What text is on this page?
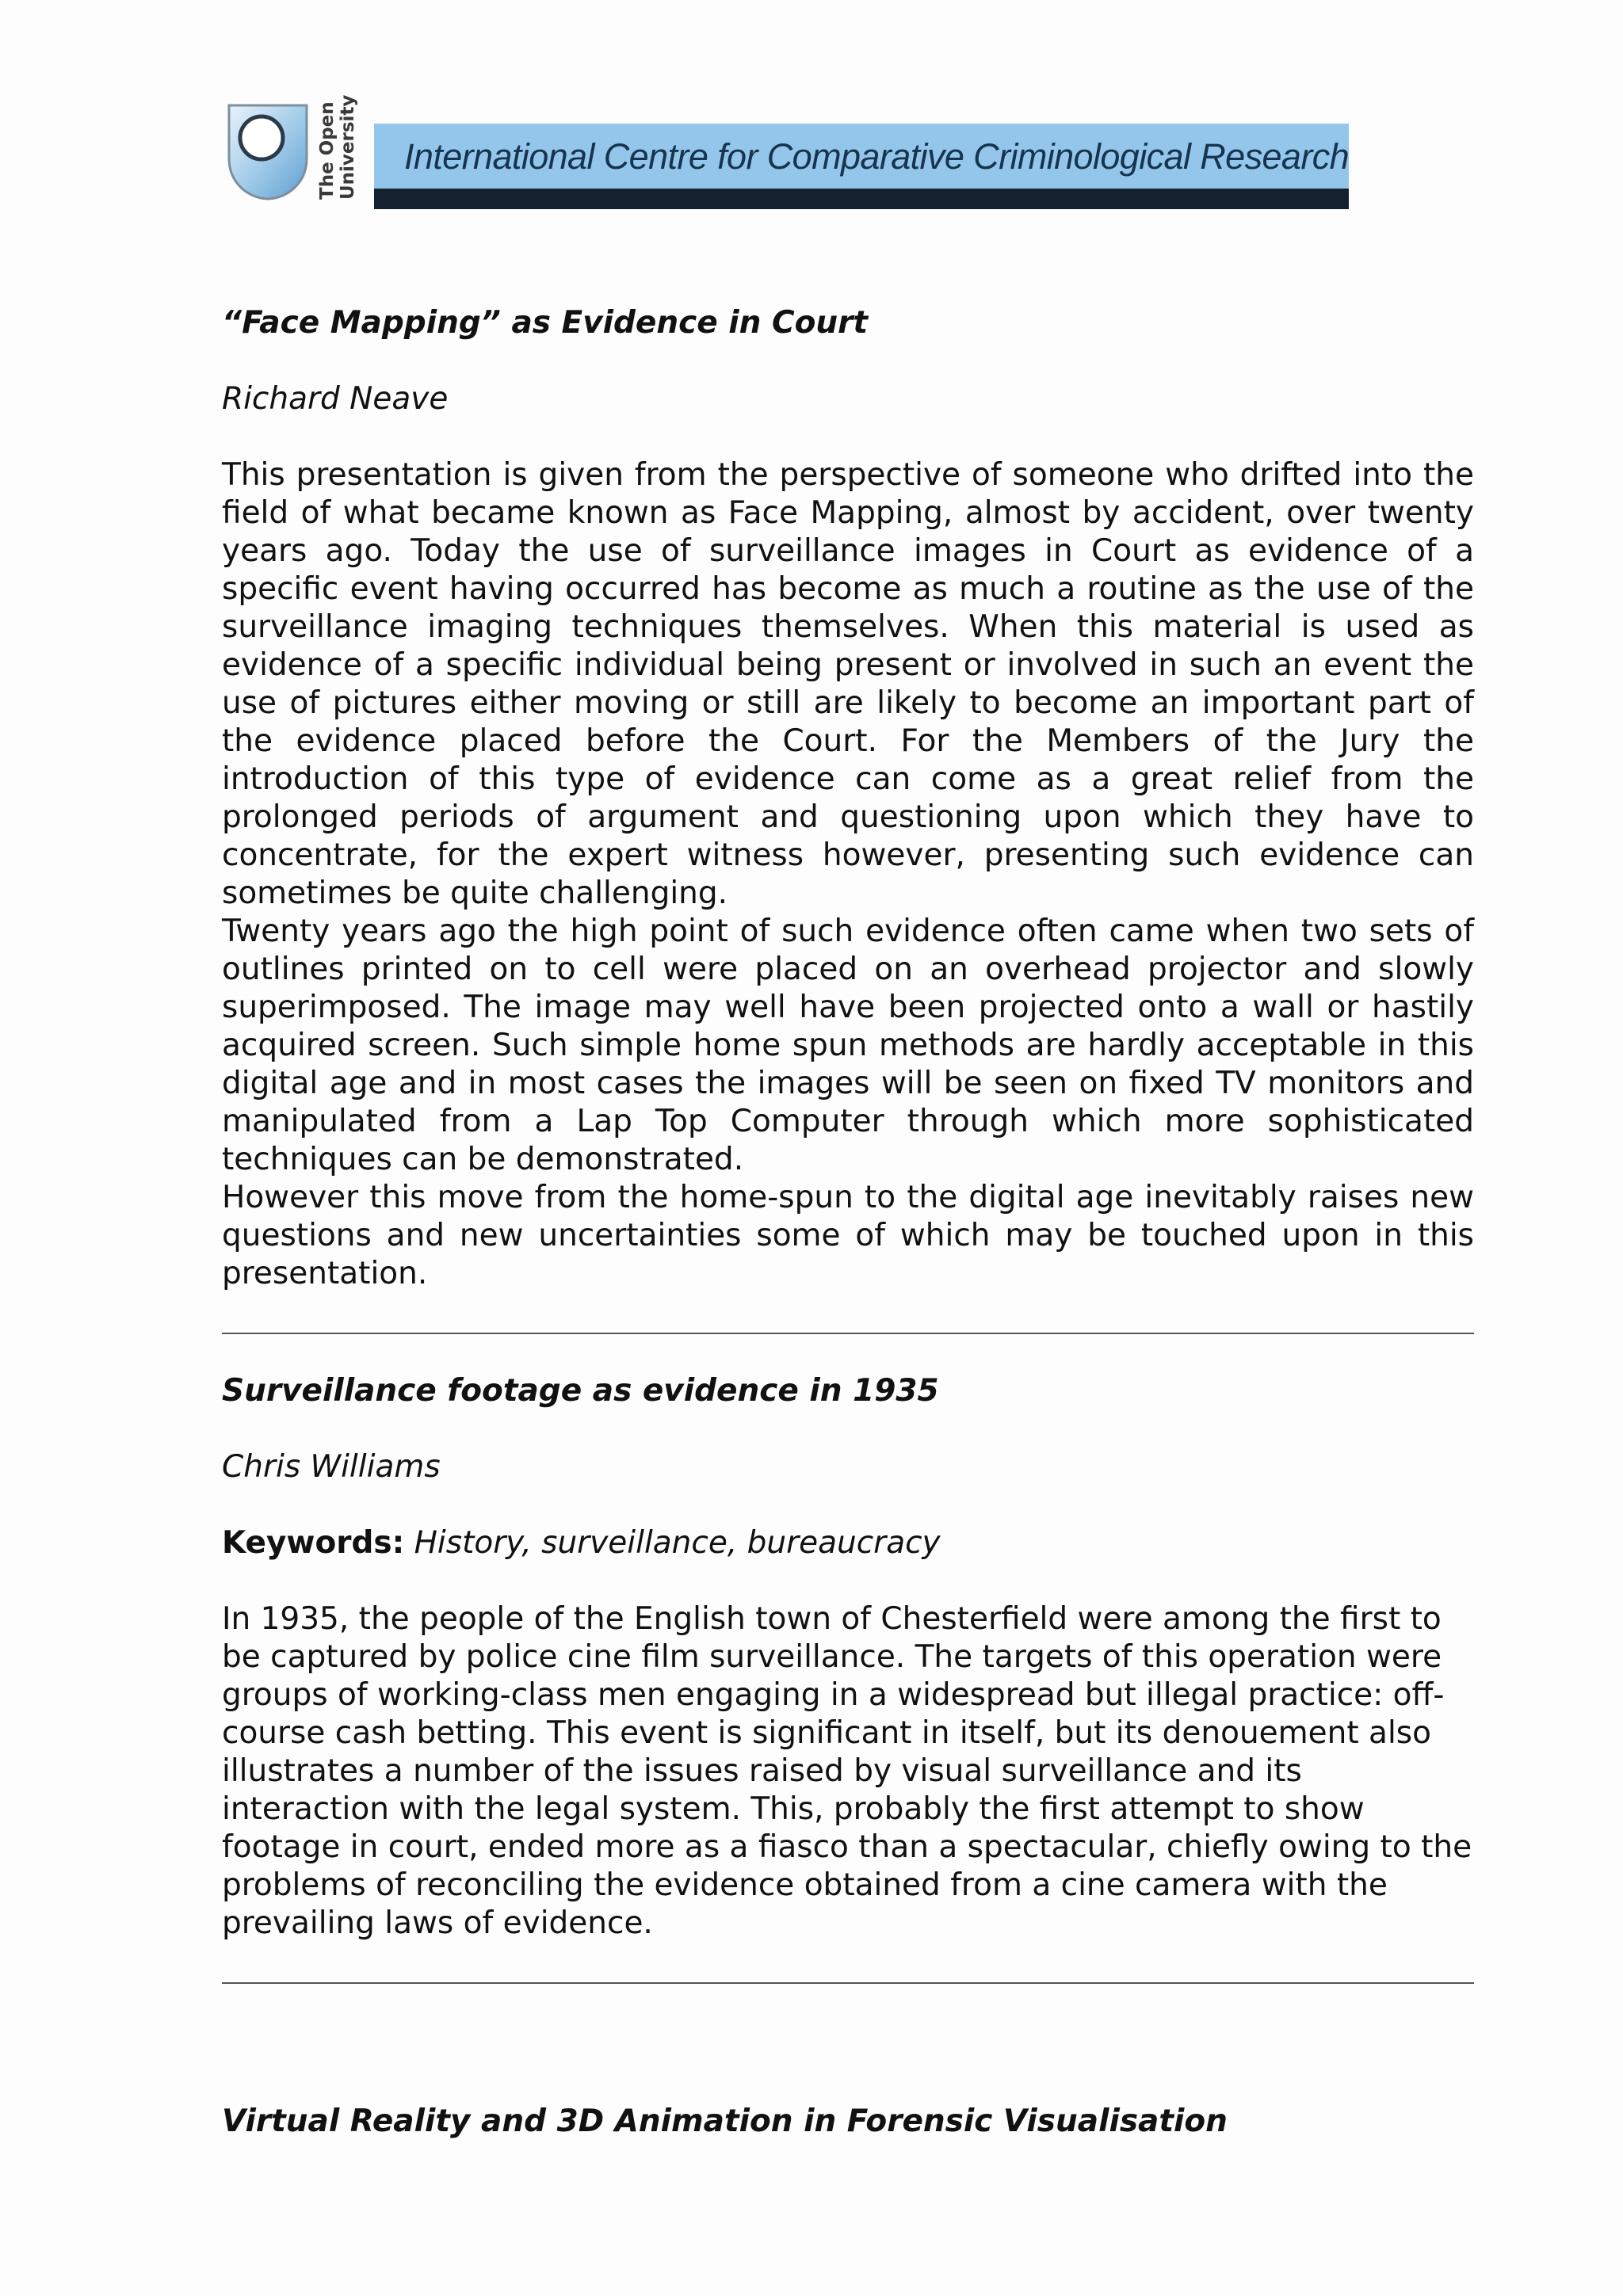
The Open University International Centre for Comparative Criminological Research

“Face Mapping” as Evidence in Court

Richard Neave

This presentation is given from the perspective of someone who drifted into the field of what became known as Face Mapping, almost by accident, over twenty years ago. Today the use of surveillance images in Court as evidence of a specific event having occurred has become as much a routine as the use of the surveillance imaging techniques themselves. When this material is used as evidence of a specific individual being present or involved in such an event the use of pictures either moving or still are likely to become an important part of the evidence placed before the Court. For the Members of the Jury the introduction of this type of evidence can come as a great relief from the prolonged periods of argument and questioning upon which they have to concentrate, for the expert witness however, presenting such evidence can sometimes be quite challenging.

Twenty years ago the high point of such evidence often came when two sets of outlines printed on to cell were placed on an overhead projector and slowly superimposed. The image may well have been projected onto a wall or hastily acquired screen. Such simple home spun methods are hardly acceptable in this digital age and in most cases the images will be seen on fixed TV monitors and manipulated from a Lap Top Computer through which more sophisticated techniques can be demonstrated.

However this move from the home-spun to the digital age inevitably raises new questions and new uncertainties some of which may be touched upon in this presentation.

Surveillance footage as evidence in 1935

Chris Williams

Keywords: History, surveillance, bureaucracy

In 1935, the people of the English town of Chesterfield were among the first to be captured by police cine film surveillance. The targets of this operation were groups of working-class men engaging in a widespread but illegal practice: off-course cash betting. This event is significant in itself, but its denouement also illustrates a number of the issues raised by visual surveillance and its interaction with the legal system. This, probably the first attempt to show footage in court, ended more as a fiasco than a spectacular, chiefly owing to the problems of reconciling the evidence obtained from a cine camera with the prevailing laws of evidence.

Virtual Reality and 3D Animation in Forensic Visualisation
